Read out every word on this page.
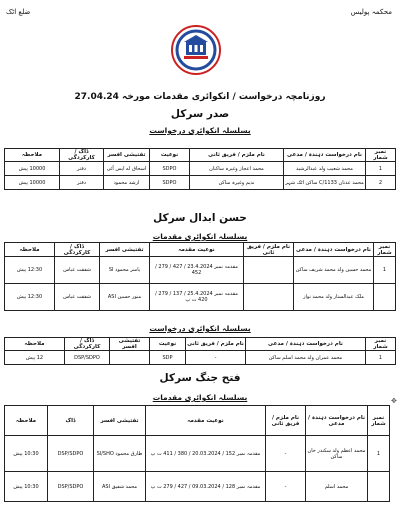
ضلع اٹک	محکمہ پولیس
روزنامچہ درخواست / انکوائری مقدمات مورخہ 27.04.24
صدر سرکل
بسلسلہ انکوائری درخواست
نمبر شمار	نام درخواست دہندہ / مدعی	نام ملزم / فریق ثانی	نوعیت	تفتیشی افسر	ڈاک / کارکردگی	ملاحظہ
1	محمد شعیب ولد عبدالرشید	محمد اعجاز وغیرہ ساکنان	SDPO	اسحاق اے ایس آئی	دفتر	10000 پیش
2	محمد عدنان 1133/C ساکن اٹک شہر	ندیم وغیرہ ساکن	SDPO	ارشد محمود	دفتر	10000 پیش
حسن ابدال سرکل
بسلسلہ انکوائری مقدمات
نمبر شمار	نام درخواست دہندہ / مدعی	نام ملزم / فریق ثانی	نوعیت مقدمہ	تفتیشی افسر	ڈاک / کارکردگی	ملاحظہ
1	محمد حسین ولد محمد شریف ساکن		مقدمہ نمبر 23.4.2024 / 427 / 279 / 452	یاسر محمود SI	شفقت عباس	12:30 پیش
	ملک عبدالستار ولد محمد نواز		مقدمہ نمبر 25.4.2024 / 137 / 279 / 420 ت پ	منور حسین ASI	شفقت عباس	12:30 پیش
بسلسلہ انکوائری درخواست
نمبر شمار	نام درخواست دہندہ / مدعی	نام ملزم / فریق ثانی	نوعیت	تفتیشی افسر	ڈاک / کارکردگی	ملاحظہ
1	محمد عمران ولد محمد اسلم ساکن	-	SDP		DSP/SDPO	12 پیش
فتح جنگ سرکل
بسلسلہ انکوائری مقدمات	✥
نمبر شمار	نام درخواست دہندہ / مدعی	نام ملزم / فریق ثانی	نوعیت مقدمہ	تفتیشی افسر	ڈاک	ملاحظہ
1	محمد اعظم ولد سکندر خان ساکن	-	مقدمہ نمبر 152 / 20.03.2024 / 380 / 411 ت پ	طارق محمود SI/SHO	DSP/SDPO	10:30 پیش
	محمد اسلم	-	مقدمہ نمبر 128 / 09.03.2024 / 427 / 279 ت پ	محمد شفیق ASI	DSP/SDPO	10:30 پیش
